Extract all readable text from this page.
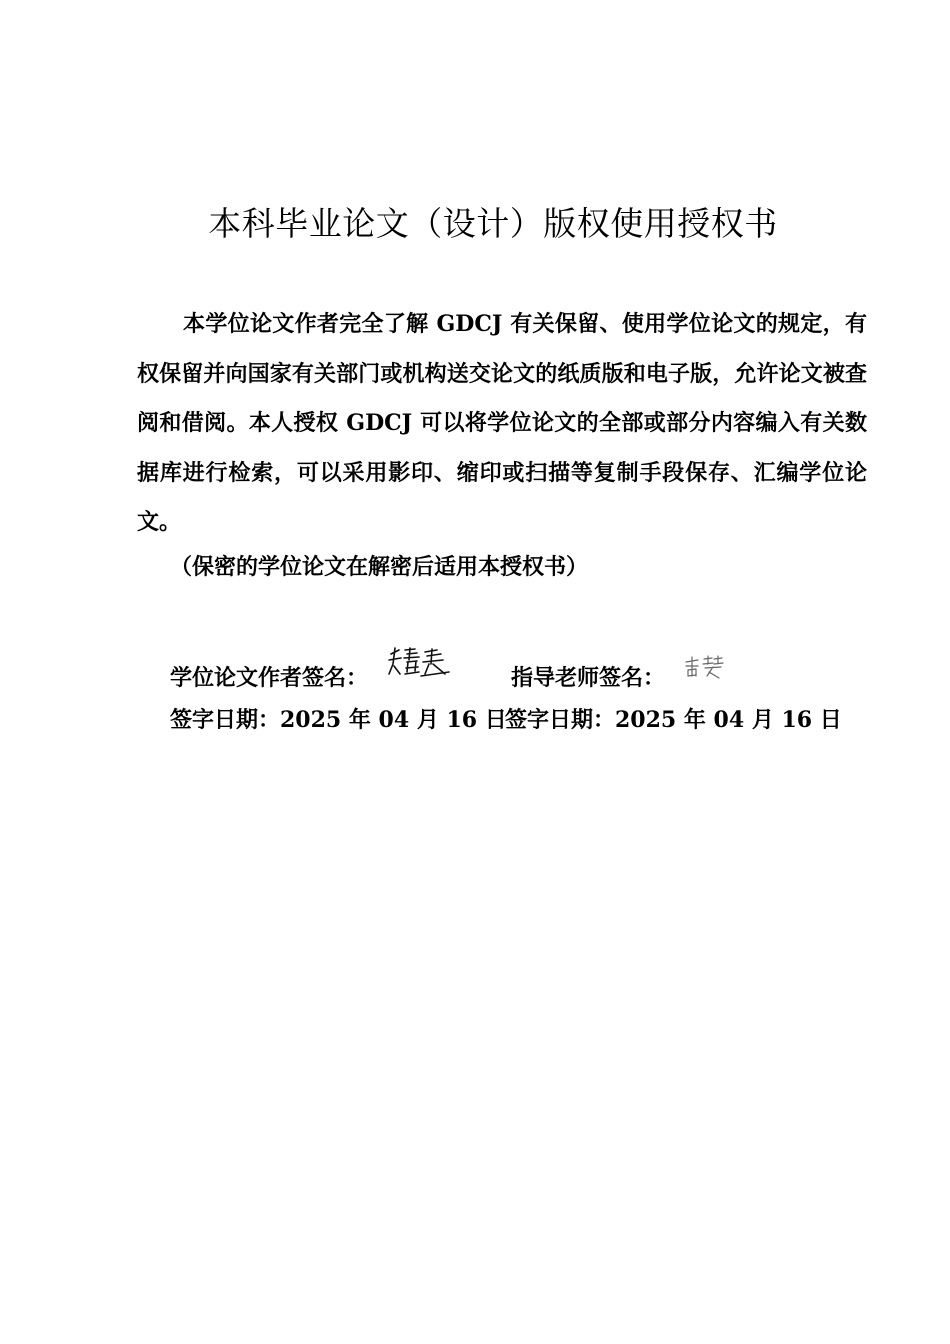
本科毕业论文（设计）版权使用授权书

本学位论文作者完全了解 GDCJ 有关保留、使用学位论文的规定，有权保留并向国家有关部门或机构送交论文的纸质版和电子版，允许论文被查阅和借阅。本人授权 GDCJ 可以将学位论文的全部或部分内容编入有关数据库进行检索，可以采用影印、缩印或扫描等复制手段保存、汇编学位论文。

（保密的学位论文在解密后适用本授权书）

学位论文作者签名：	指导老师签名：
签字日期：2025 年 04 月 16 日
签字日期：2025 年 04 月 16 日
